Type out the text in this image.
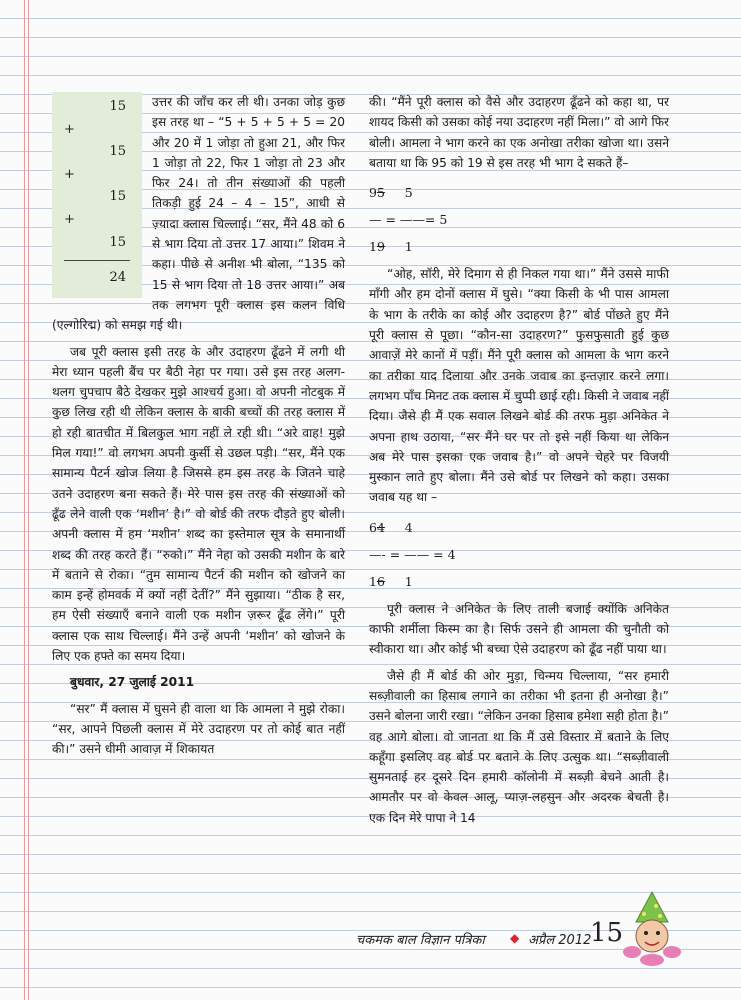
15
+
15
+
15
+
15
24

उत्तर की जाँच कर ली थी। उनका जोड़ कुछ इस तरह था – “5 + 5 + 5 + 5 = 20 और 20 में 1 जोड़ा तो हुआ 21, और फिर 1 जोड़ा तो 22, फिर 1 जोड़ा तो 23 और फिर 24। तो तीन संख्याओं की पहली तिकड़ी हुई 24 – 4 – 15”, आधी से ज़्यादा क्लास चिल्लाई। “सर, मैंने 48 को 6 से भाग दिया तो उत्तर 17 आया।” शिवम ने कहा। पीछे से अनीश भी बोला, “135 को 15 से भाग दिया तो 18 उत्तर आया।” अब तक लगभग पूरी क्लास इस कलन विधि (एल्गोरिद्म) को समझ गई थी।

जब पूरी क्लास इसी तरह के और उदाहरण ढूँढने में लगी थी मेरा ध्यान पहली बैंच पर बैठी नेहा पर गया। उसे इस तरह अलग-थलग चुपचाप बैठे देखकर मुझे आश्चर्य हुआ। वो अपनी नोटबुक में कुछ लिख रही थी लेकिन क्लास के बाकी बच्चों की तरह क्लास में हो रही बातचीत में बिलकुल भाग नहीं ले रही थी। “अरे वाह! मुझे मिल गया!” वो लगभग अपनी कुर्सी से उछल पड़ी। “सर, मैंने एक सामान्य पैटर्न खोज लिया है जिससे हम इस तरह के जितने चाहे उतने उदाहरण बना सकते हैं। मेरे पास इस तरह की संख्याओं को ढूँढ लेने वाली एक ‘मशीन’ है।” वो बोर्ड की तरफ दौड़ते हुए बोली। अपनी क्लास में हम ‘मशीन’ शब्द का इस्तेमाल सूत्र के समानार्थी शब्द की तरह करते हैं। “रुको।” मैंने नेहा को उसकी मशीन के बारे में बताने से रोका। “तुम सामान्य पैटर्न की मशीन को खोजने का काम इन्हें होमवर्क में क्यों नहीं देतीं?” मैंने सुझाया। “ठीक है सर, हम ऐसी संख्याएँ बनाने वाली एक मशीन ज़रूर ढूँढ लेंगे।” पूरी क्लास एक साथ चिल्लाई। मैंने उन्हें अपनी ‘मशीन’ को खोजने के लिए एक हफ्ते का समय दिया।

बुधवार, 27 जुलाई 2011

“सर” मैं क्लास में घुसने ही वाला था कि आमला ने मुझे रोका। “सर, आपने पिछली क्लास में मेरे उदाहरण पर तो कोई बात नहीं की।” उसने धीमी आवाज़ में शिकायत

की। “मैंने पूरी क्लास को वैसे और उदाहरण ढूँढने को कहा था, पर शायद किसी को उसका कोई नया उदाहरण नहीं मिला।” वो आगे फिर बोली। आमला ने भाग करने का एक अनोखा तरीका खोजा था। उसने बताया था कि 95 को 19 से इस तरह भी भाग दे सकते हैं–

95 5
— = ——= 5
19 1

“ओह, सॉरी, मेरे दिमाग से ही निकल गया था।” मैंने उससे माफी माँगी और हम दोनों क्लास में घुसे। “क्या किसी के भी पास आमला के भाग के तरीके का कोई और उदाहरण है?” बोर्ड पोंछते हुए मैंने पूरी क्लास से पूछा। “कौन-सा उदाहरण?” फुसफुसाती हुई कुछ आवाज़ें मेरे कानों में पड़ीं। मैंने पूरी क्लास को आमला के भाग करने का तरीका याद दिलाया और उनके जवाब का इन्तज़ार करने लगा। लगभग पाँच मिनट तक क्लास में चुप्पी छाई रही। किसी ने जवाब नहीं दिया। जैसे ही मैं एक सवाल लिखने बोर्ड की तरफ मुड़ा अनिकेत ने अपना हाथ उठाया, “सर मैंने घर पर तो इसे नहीं किया था लेकिन अब मेरे पास इसका एक जवाब है।” वो अपने चेहरे पर विजयी मुस्कान लाते हुए बोला। मैंने उसे बोर्ड पर लिखने को कहा। उसका जवाब यह था –

64 4
—- = —— = 4
16 1

पूरी क्लास ने अनिकेत के लिए ताली बजाई क्योंकि अनिकेत काफी शर्मीला किस्म का है। सिर्फ उसने ही आमला की चुनौती को स्वीकारा था। और कोई भी बच्चा ऐसे उदाहरण को ढूँढ नहीं पाया था।

जैसे ही मैं बोर्ड की ओर मुड़ा, चिन्मय चिल्लाया, “सर हमारी सब्ज़ीवाली का हिसाब लगाने का तरीका भी इतना ही अनोखा है।” उसने बोलना जारी रखा। “लेकिन उनका हिसाब हमेशा सही होता है।” वह आगे बोला। वो जानता था कि मैं उसे विस्तार में बताने के लिए कहूँगा इसलिए वह बोर्ड पर बताने के लिए उत्सुक था। “सब्ज़ीवाली सुमनताई हर दूसरे दिन हमारी कॉलोनी में सब्ज़ी बेचने आती है। आमतौर पर वो केवल आलू, प्याज़-लहसुन और अदरक बेचती है। एक दिन मेरे पापा ने 14

चकमक बाल विज्ञान पत्रिका ◆ अप्रैल 2012
15
